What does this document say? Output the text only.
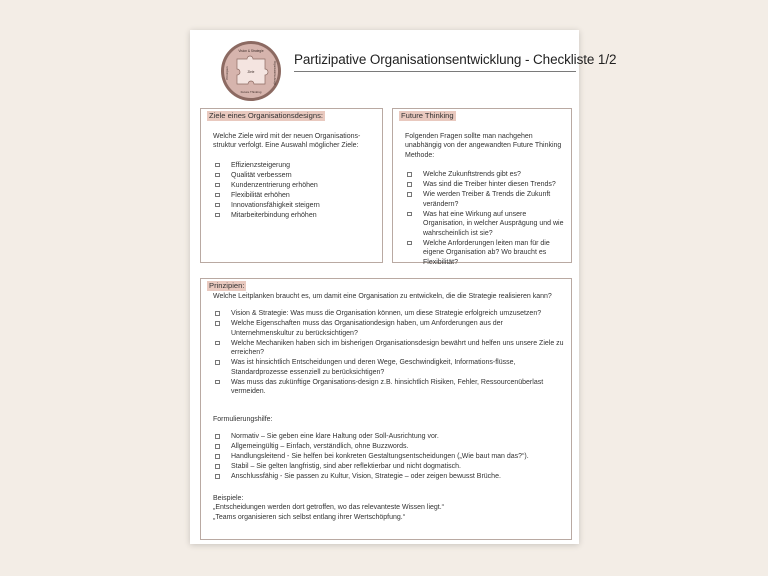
Vision & Strategie
Prinzipien	Organisations-design
Future Thinking
Ziele
Partizipative Organisationsentwicklung - Checkliste 1/2
Ziele eines Organisationsdesigns:
Welche Ziele wird mit der neuen Organisations-struktur verfolgt. Eine Auswahl möglicher Ziele:
Effizienzsteigerung
Qualität verbessern
Kundenzentrierung erhöhen
Flexibilität erhöhen
Innovationsfähigkeit steigern
Mitarbeiterbindung erhöhen
Future Thinking
Folgenden Fragen sollte man nachgehen unabhängig von der angewandten Future Thinking Methode:
Welche Zukunftstrends gibt es?
Was sind die Treiber hinter diesen Trends?
Wie werden Treiber & Trends die Zukunft verändern?
Was hat eine Wirkung auf unsere Organisation, in welcher Ausprägung und wie wahrscheinlich ist sie?
Welche Anforderungen leiten man für die eigene Organisation ab? Wo braucht es Flexibilität?
Prinzipien:
Welche Leitplanken braucht es, um damit eine Organisation zu entwickeln, die die Strategie realisieren kann?
Vision & Strategie: Was muss die Organisation können, um diese Strategie erfolgreich umzusetzen?
Welche Eigenschaften muss das Organisationdesign haben, um Anforderungen aus der Unternehmenskultur zu berücksichtigen?
Welche Mechaniken haben sich im bisherigen Organisationsdesign bewährt und helfen uns unsere Ziele zu erreichen?
Was ist hinsichtlich Entscheidungen und deren Wege, Geschwindigkeit, Informations-flüsse, Standardprozesse essenziell zu berücksichtigen?
Was muss das zukünftige Organisations-design z.B. hinsichtlich Risiken, Fehler, Ressourcenüberlast vermeiden.
Formulierungshilfe:
Normativ – Sie geben eine klare Haltung oder Soll-Ausrichtung vor.
Allgemeingültig – Einfach, verständlich, ohne Buzzwords.
Handlungsleitend - Sie helfen bei konkreten Gestaltungsentscheidungen („Wie baut man das?“).
Stabil – Sie gelten langfristig, sind aber reflektierbar und nicht dogmatisch.
Anschlussfähig - Sie passen zu Kultur, Vision, Strategie – oder zeigen bewusst Brüche.
Beispiele:
„Entscheidungen werden dort getroffen, wo das relevanteste Wissen liegt.“
„Teams organisieren sich selbst entlang ihrer Wertschöpfung.“
